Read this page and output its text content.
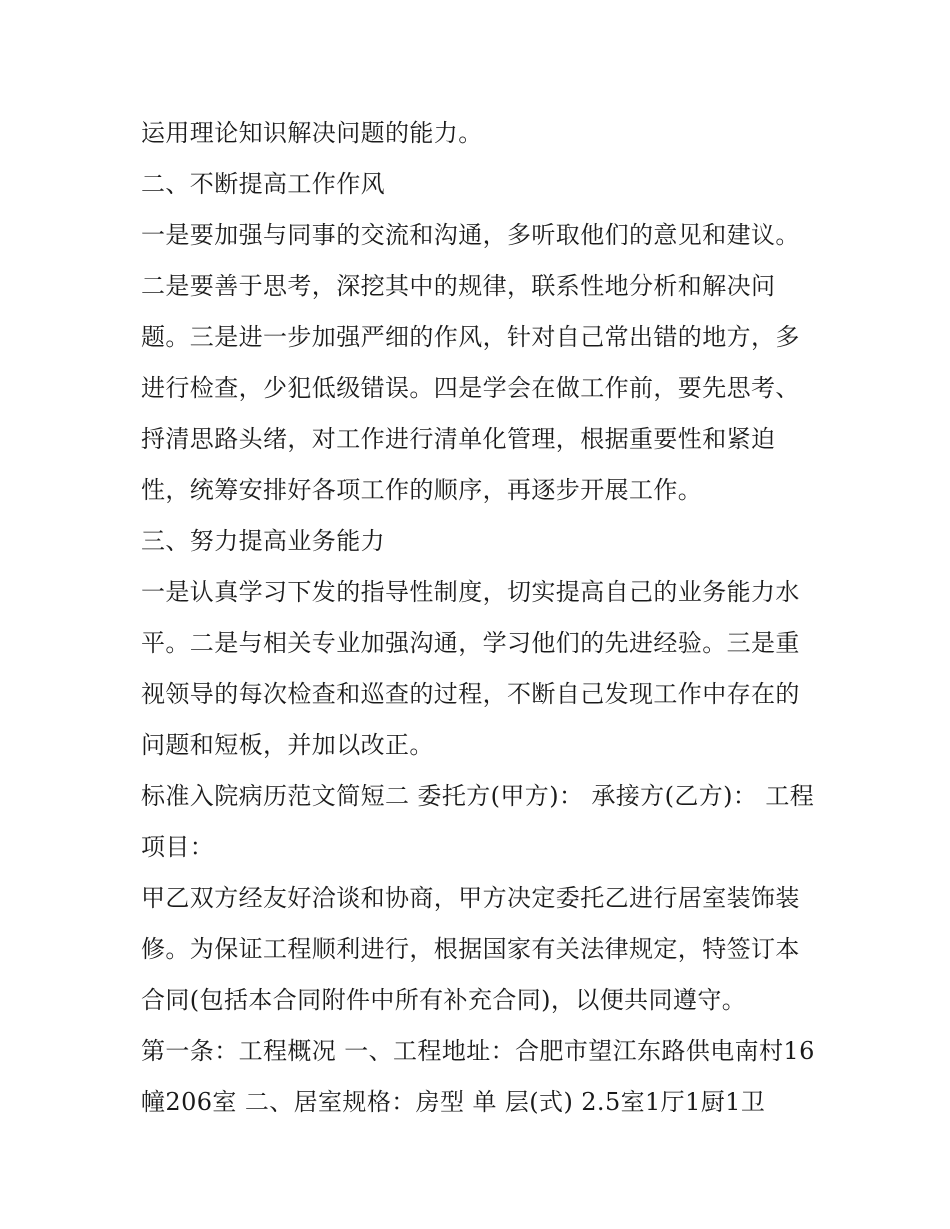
运用理论知识解决问题的能力。

二、不断提高工作作风

一是要加强与同事的交流和沟通，多听取他们的意见和建议。二是要善于思考，深挖其中的规律，联系性地分析和解决问题。三是进一步加强严细的作风，针对自己常出错的地方，多进行检查，少犯低级错误。四是学会在做工作前，要先思考、捋清思路头绪，对工作进行清单化管理，根据重要性和紧迫性，统筹安排好各项工作的顺序，再逐步开展工作。

三、努力提高业务能力

一是认真学习下发的指导性制度，切实提高自己的业务能力水平。二是与相关专业加强沟通，学习他们的先进经验。三是重视领导的每次检查和巡查的过程，不断自己发现工作中存在的问题和短板，并加以改正。

标准入院病历范文简短二 委托方(甲方)： 承接方(乙方)： 工程项目：

甲乙双方经友好洽谈和协商，甲方决定委托乙进行居室装饰装修。为保证工程顺利进行，根据国家有关法律规定，特签订本合同(包括本合同附件中所有补充合同)，以便共同遵守。

第一条：工程概况 一、工程地址：合肥市望江东路供电南村16幢206室 二、居室规格：房型 单 层(式) 2.5室1厅1厨1卫
